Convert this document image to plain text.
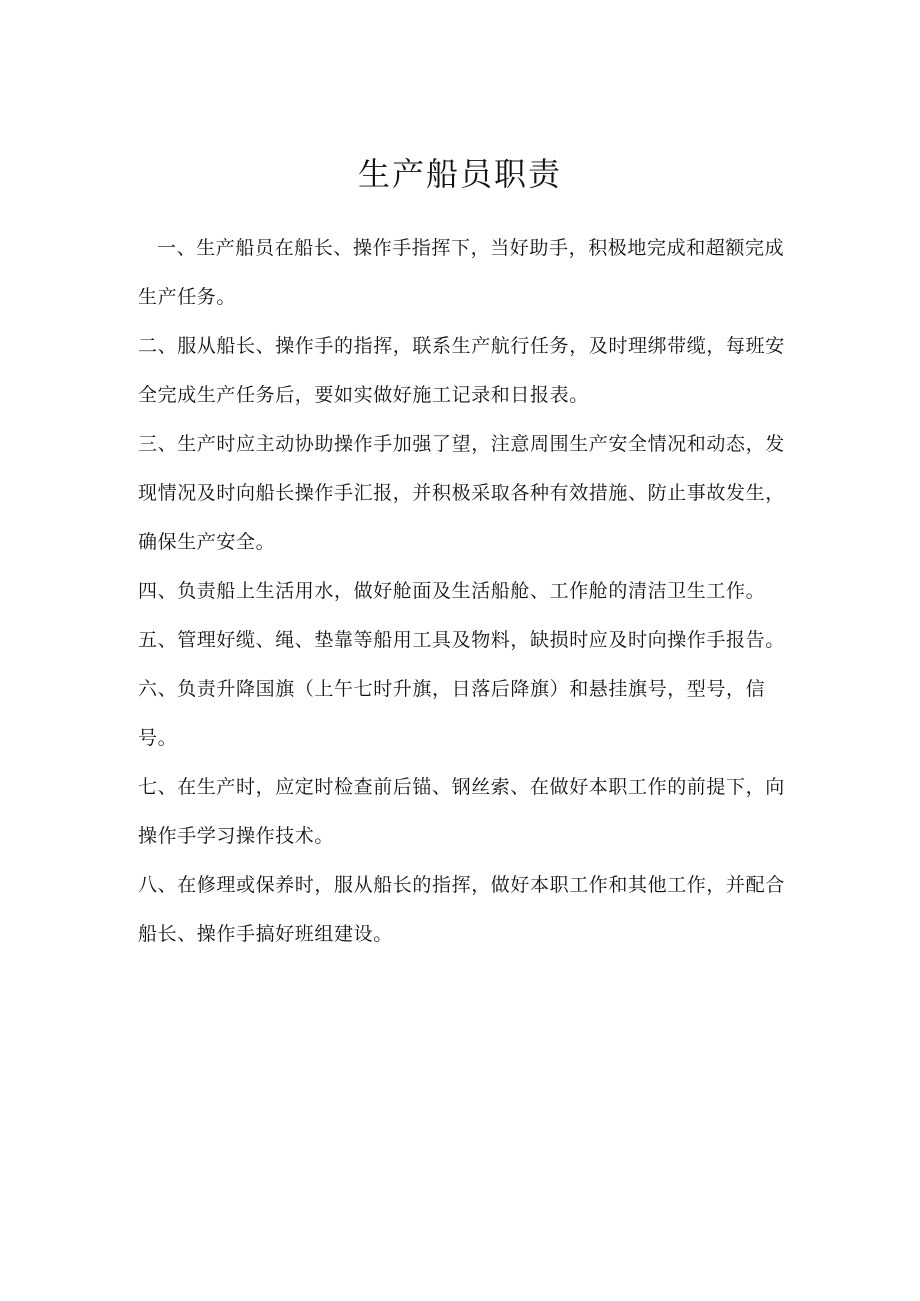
生产船员职责

一、生产船员在船长、操作手指挥下，当好助手，积极地完成和超额完成生产任务。

二、服从船长、操作手的指挥，联系生产航行任务，及时理绑带缆，每班安全完成生产任务后，要如实做好施工记录和日报表。

三、生产时应主动协助操作手加强了望，注意周围生产安全情况和动态，发现情况及时向船长操作手汇报，并积极采取各种有效措施、防止事故发生，确保生产安全。

四、负责船上生活用水，做好舱面及生活船舱、工作舱的清洁卫生工作。

五、管理好缆、绳、垫靠等船用工具及物料，缺损时应及时向操作手报告。

六、负责升降国旗（上午七时升旗，日落后降旗）和悬挂旗号，型号，信号。

七、在生产时，应定时检查前后锚、钢丝索、在做好本职工作的前提下，向操作手学习操作技术。

八、在修理或保养时，服从船长的指挥，做好本职工作和其他工作，并配合船长、操作手搞好班组建设。
